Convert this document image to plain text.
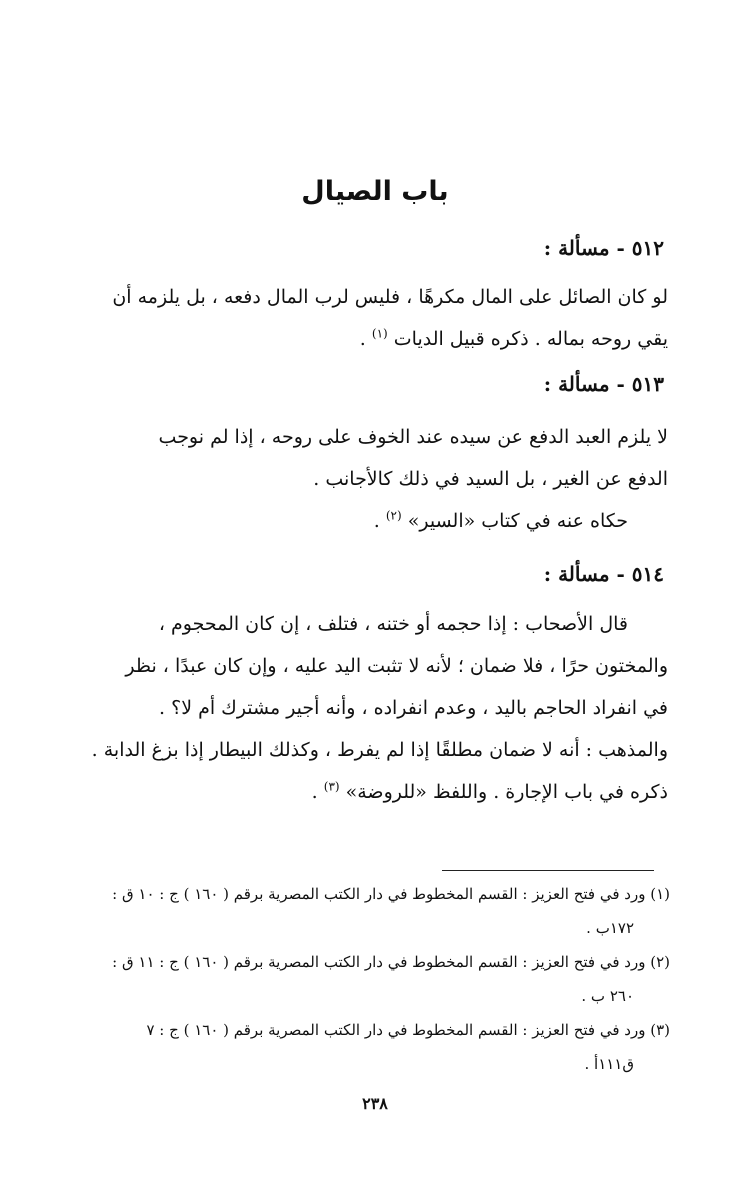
باب الصيال
٥١٢ - مسألة :
لو كان الصائل على المال مكرهًا ، فليس لرب المال دفعه ، بل يلزمه أن
يقي روحه بماله . ذكره قبيل الديات $^{(١)}$ .
٥١٣ - مسألة :
لا يلزم العبد الدفع عن سيده عند الخوف على روحه ، إذا لم نوجب
الدفع عن الغير ، بل السيد في ذلك كالأجانب .
حكاه عنه في كتاب «السير» $^{(٢)}$ .
٥١٤ - مسألة :
قال الأصحاب : إذا حجمه أو ختنه ، فتلف ، إن كان المحجوم ،
والمختون حرًا ، فلا ضمان ؛ لأنه لا تثبت اليد عليه ، وإن كان عبدًا ، نظر
في انفراد الحاجم باليد ، وعدم انفراده ، وأنه أجير مشترك أم لا؟ .
والمذهب : أنه لا ضمان مطلقًا إذا لم يفرط ، وكذلك البيطار إذا بزغ الدابة .
ذكره في باب الإجارة . واللفظ «للروضة» $^{(٣)}$ .
(١) ورد في فتح العزيز : القسم المخطوط في دار الكتب المصرية برقم ( ١٦٠ ) ج : ١٠ ق :
١٧٢ب .
(٢) ورد في فتح العزيز : القسم المخطوط في دار الكتب المصرية برقم ( ١٦٠ ) ج : ١١ ق :
٢٦٠ ب .
(٣) ورد في فتح العزيز : القسم المخطوط في دار الكتب المصرية برقم ( ١٦٠ ) ج : ٧
ق١١١أ .
٢٣٨
